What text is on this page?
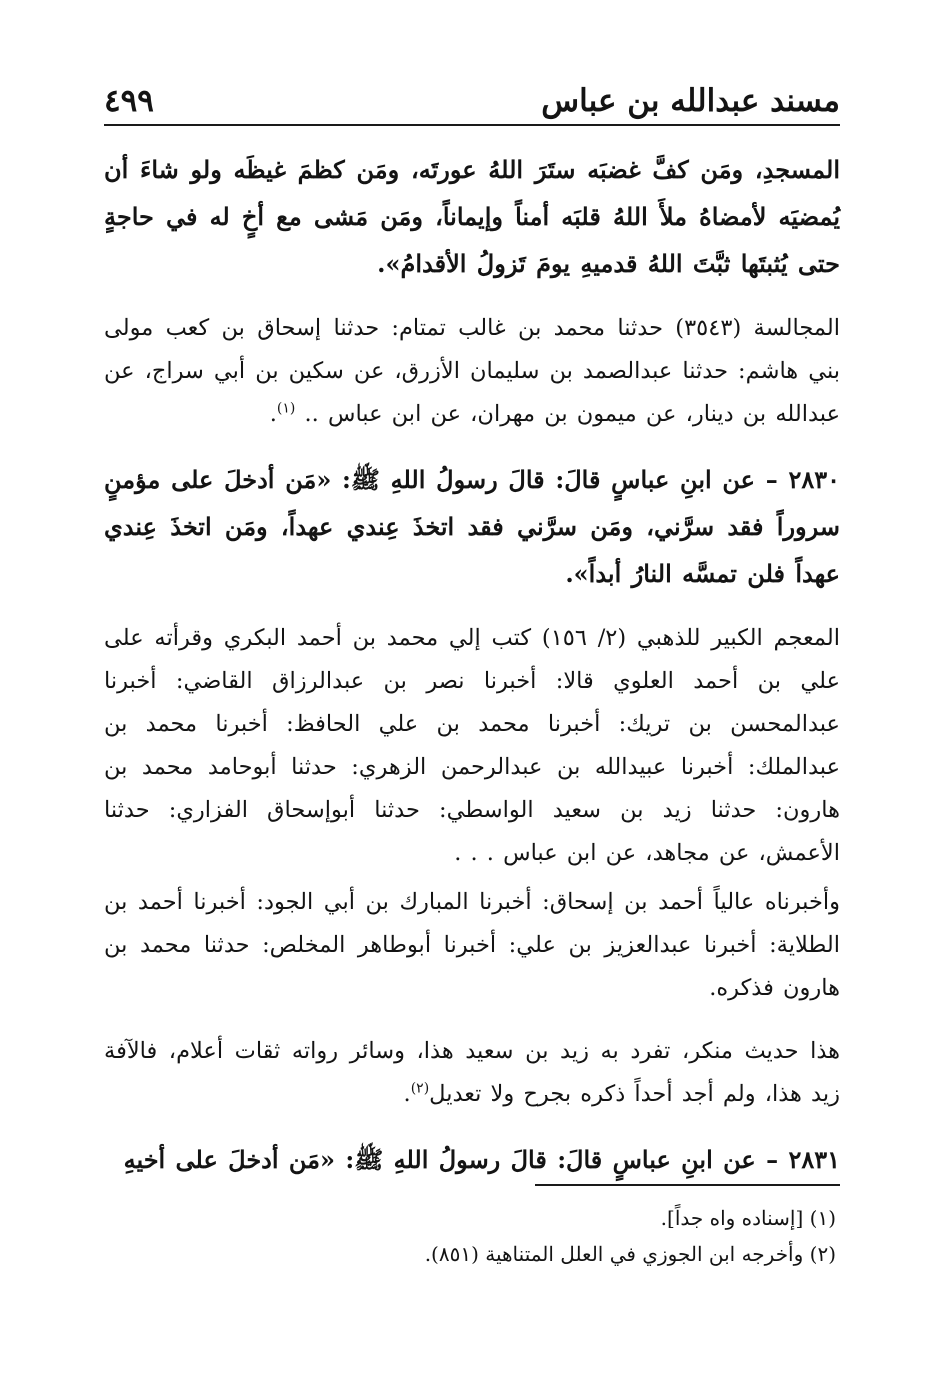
مسند عبدالله بن عباس
٤٩٩

المسجدِ، ومَن كفَّ غضبَه ستَرَ اللهُ عورتَه، ومَن كظمَ غيظَه ولو شاءَ أن يُمضيَه لأمضاهُ ملأَ اللهُ قلبَه أمناً وإيماناً، ومَن مَشى مع أخٍ له في حاجةٍ حتى يُثبتَها ثبَّتَ اللهُ قدميهِ يومَ تَزولُ الأقدامُ».

المجالسة (٣٥٤٣) حدثنا محمد بن غالب تمتام: حدثنا إسحاق بن كعب مولى بني هاشم: حدثنا عبدالصمد بن سليمان الأزرق، عن سكين بن أبي سراج، عن عبدالله بن دينار، عن ميمون بن مهران، عن ابن عباس .. $^{(١)}$.

٢٨٣٠ – عن ابنِ عباسٍ قالَ: قالَ رسولُ اللهِ ﷺ: «مَن أدخلَ على مؤمنٍ سروراً فقد سرَّني، ومَن سرَّني فقد اتخذَ عِندي عهداً، ومَن اتخذَ عِندي عهداً فلن تمسَّه النارُ أبداً».

المعجم الكبير للذهبي (٢/ ١٥٦) كتب إلي محمد بن أحمد البكري وقرأته على علي بن أحمد العلوي قالا: أخبرنا نصر بن عبدالرزاق القاضي: أخبرنا عبدالمحسن بن تريك: أخبرنا محمد بن علي الحافظ: أخبرنا محمد بن عبدالملك: أخبرنا عبيدالله بن عبدالرحمن الزهري: حدثنا أبوحامد محمد بن هارون: حدثنا زيد بن سعيد الواسطي: حدثنا أبوإسحاق الفزاري: حدثنا الأعمش، عن مجاهد، عن ابن عباس . . .

وأخبرناه عالياً أحمد بن إسحاق: أخبرنا المبارك بن أبي الجود: أخبرنا أحمد بن الطلاية: أخبرنا عبدالعزيز بن علي: أخبرنا أبوطاهر المخلص: حدثنا محمد بن هارون فذكره.

هذا حديث منكر، تفرد به زيد بن سعيد هذا، وسائر رواته ثقات أعلام، فالآفة زيد هذا، ولم أجد أحداً ذكره بجرح ولا تعديل$^{(٢)}$.

٢٨٣١ – عن ابنِ عباسٍ قالَ: قالَ رسولُ اللهِ ﷺ: «مَن أدخلَ على أخيهِ

(١) [إسناده واه جداً].

(٢) وأخرجه ابن الجوزي في العلل المتناهية (٨٥١).
